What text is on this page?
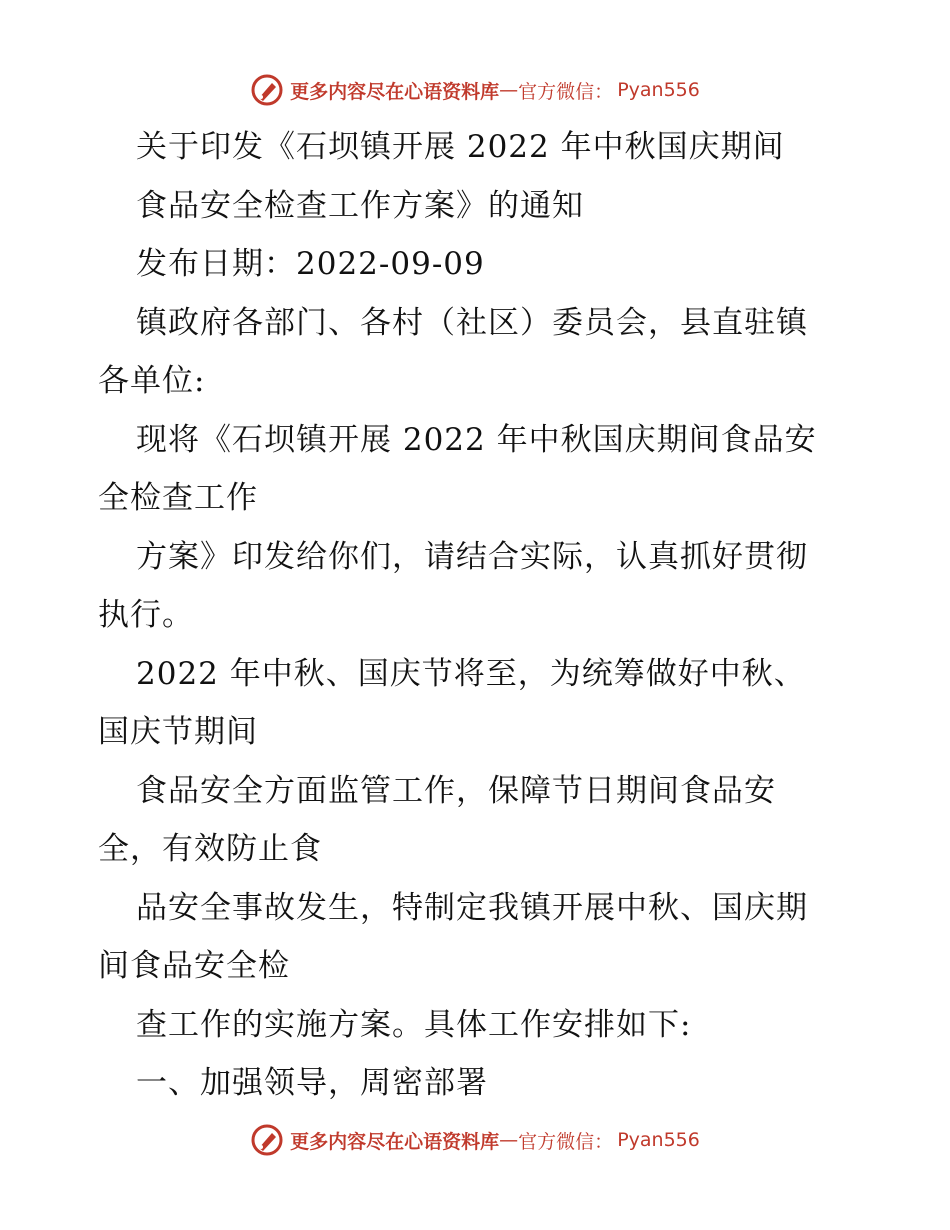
更多内容尽在心语资料库 — 官方微信： Pyan556
关于印发《石坝镇开展 2022 年中秋国庆期间
食品安全检查工作方案》的通知
发布日期：2022-09-09
镇政府各部门、各村（社区）委员会，县直驻镇
各单位:
现将《石坝镇开展 2022 年中秋国庆期间食品安
全检查工作
方案》印发给你们，请结合实际，认真抓好贯彻
执行。
2022 年中秋、国庆节将至，为统筹做好中秋、
国庆节期间
食品安全方面监管工作，保障节日期间食品安
全，有效防止食
品安全事故发生，特制定我镇开展中秋、国庆期
间食品安全检
查工作的实施方案。具体工作安排如下:
一、加强领导，周密部署
更多内容尽在心语资料库 — 官方微信： Pyan556
